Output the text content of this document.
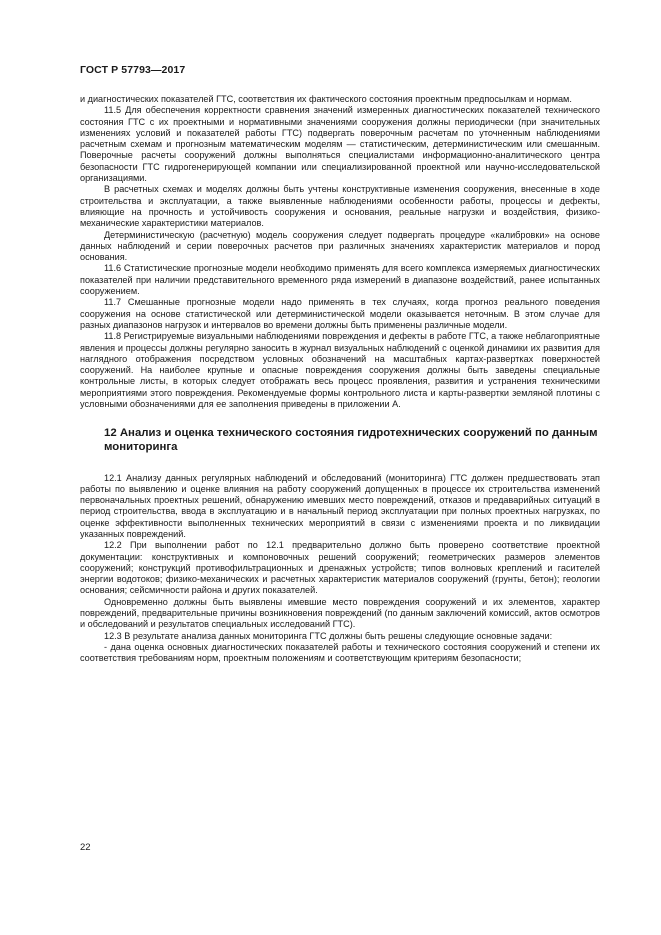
ГОСТ Р 57793—2017

и диагностических показателей ГТС, соответствия их фактического состояния проектным предпосылкам и нормам.

11.5 Для обеспечения корректности сравнения значений измеренных диагностических показателей технического состояния ГТС с их проектными и нормативными значениями сооружения должны периодически (при значительных изменениях условий и показателей работы ГТС) подвергать поверочным расчетам по уточненным наблюдениями расчетным схемам и прогнозным математическим моделям — статистическим, детерминистическим или смешанным. Поверочные расчеты сооружений должны выполняться специалистами информационно-аналитического центра безопасности ГТС гидрогенерирующей компании или специализированной проектной или научно-исследовательской организациями.

В расчетных схемах и моделях должны быть учтены конструктивные изменения сооружения, внесенные в ходе строительства и эксплуатации, а также выявленные наблюдениями особенности работы, процессы и дефекты, влияющие на прочность и устойчивость сооружения и основания, реальные нагрузки и воздействия, физико-механические характеристики материалов.

Детерминистическую (расчетную) модель сооружения следует подвергать процедуре «калибровки» на основе данных наблюдений и серии поверочных расчетов при различных значениях характеристик материалов и пород основания.

11.6 Статистические прогнозные модели необходимо применять для всего комплекса измеряемых диагностических показателей при наличии представительного временного ряда измерений в диапазоне воздействий, ранее испытанных сооружением.

11.7 Смешанные прогнозные модели надо применять в тех случаях, когда прогноз реального поведения сооружения на основе статистической или детерминистической модели оказывается неточным. В этом случае для разных диапазонов нагрузок и интервалов во времени должны быть применены различные модели.

11.8 Регистрируемые визуальными наблюдениями повреждения и дефекты в работе ГТС, а также неблагоприятные явления и процессы должны регулярно заносить в журнал визуальных наблюдений с оценкой динамики их развития для наглядного отображения посредством условных обозначений на масштабных картах-развертках поверхностей сооружений. На наиболее крупные и опасные повреждения сооружения должны быть заведены специальные контрольные листы, в которых следует отображать весь процесс проявления, развития и устранения техническими мероприятиями этого повреждения. Рекомендуемые формы контрольного листа и карты-развертки земляной плотины с условными обозначениями для ее заполнения приведены в приложении А.

12 Анализ и оценка технического состояния гидротехнических сооружений по данным мониторинга

12.1 Анализу данных регулярных наблюдений и обследований (мониторинга) ГТС должен предшествовать этап работы по выявлению и оценке влияния на работу сооружений допущенных в процессе их строительства изменений первоначальных проектных решений, обнаружению имевших место повреждений, отказов и предаварийных ситуаций в период строительства, ввода в эксплуатацию и в начальный период эксплуатации при полных проектных нагрузках, по оценке эффективности выполненных технических мероприятий в связи с изменениями проекта и по ликвидации указанных повреждений.

12.2 При выполнении работ по 12.1 предварительно должно быть проверено соответствие проектной документации: конструктивных и компоновочных решений сооружений; геометрических размеров элементов сооружений; конструкций противофильтрационных и дренажных устройств; типов волновых креплений и гасителей энергии водотоков; физико-механических и расчетных характеристик материалов сооружений (грунты, бетон); геологии основания; сейсмичности района и других показателей.

Одновременно должны быть выявлены имевшие место повреждения сооружений и их элементов, характер повреждений, предварительные причины возникновения повреждений (по данным заключений комиссий, актов осмотров и обследований и результатов специальных исследований ГТС).

12.3 В результате анализа данных мониторинга ГТС должны быть решены следующие основные задачи:

- дана оценка основных диагностических показателей работы и технического состояния сооружений и степени их соответствия требованиям норм, проектным положениям и соответствующим критериям безопасности;

22
